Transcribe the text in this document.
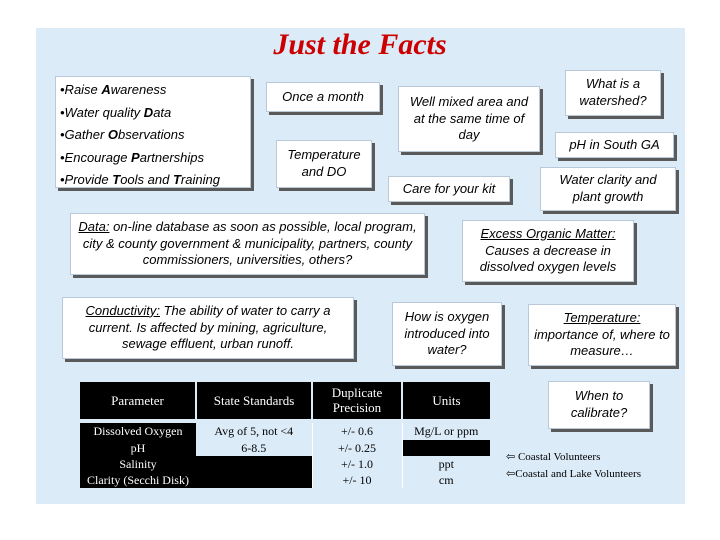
Just the Facts
•Raise Awareness
•Water quality Data
•Gather Observations
•Encourage Partnerships
•Provide Tools and Training
Once a month	Well mixed area and at the same time of day
What is a watershed?
pH in South GA
Temperature and DO
Care for your kit
Water clarity and plant growth
Data: on-line database as soon as possible, local program, city & county government & municipality, partners, county commissioners, universities, others?
Excess Organic Matter: Causes a decrease in dissolved oxygen levels
Conductivity: The ability of water to carry a current. Is affected by mining, agriculture, sewage effluent, urban runoff.
How is oxygen introduced into water?
Temperature: importance of, where to measure…
When to calibrate?
Parameter	State Standards	Duplicate Precision	Units

Dissolved Oxygen	Avg of 5, not <4	+/- 0.6	Mg/L or ppm
pH	6-8.5	+/- 0.25	
Salinity		+/- 1.0	ppt
Clarity (Secchi Disk)		+/- 10	cm
⇦ Coastal Volunteers
⇦Coastal and Lake Volunteers
